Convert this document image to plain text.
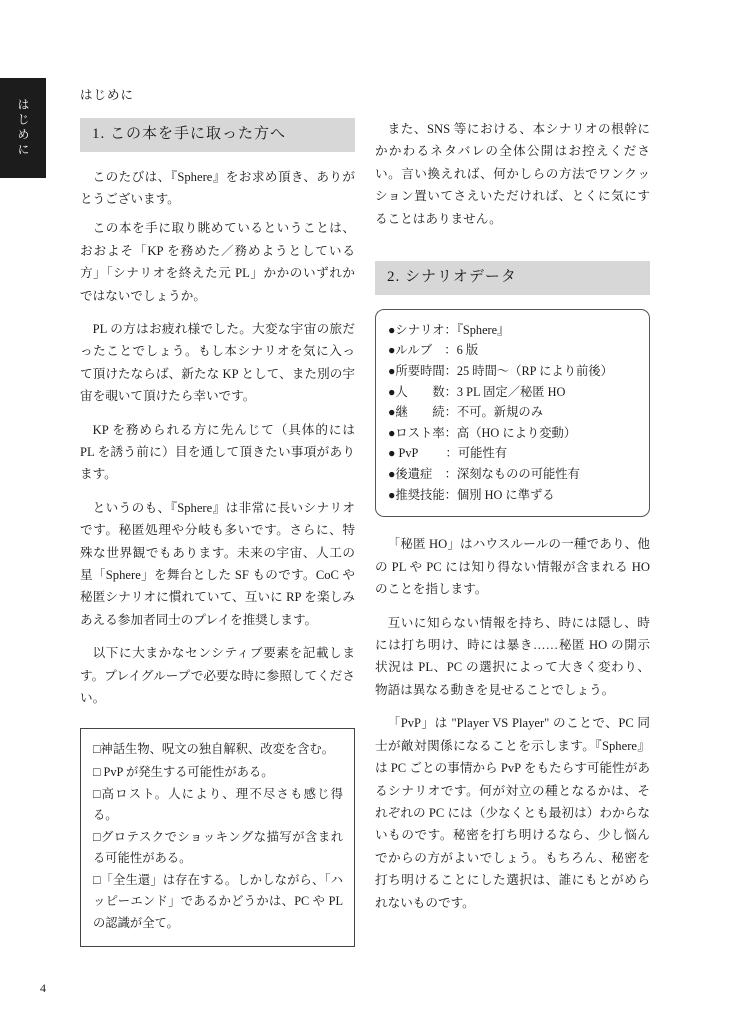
はじめに
はじめに
1. この本を手に取った方へ

このたびは、『Sphere』をお求め頂き、ありがとうございます。

この本を手に取り眺めているということは、おおよそ「KP を務めた／務めようとしている方」「シナリオを終えた元 PL」かかのいずれかではないでしょうか。

PL の方はお疲れ様でした。大変な宇宙の旅だったことでしょう。もし本シナリオを気に入って頂けたならば、新たな KP として、また別の宇宙を覗いて頂けたら幸いです。

KP を務められる方に先んじて（具体的には PL を誘う前に）目を通して頂きたい事項があります。

というのも、『Sphere』は非常に長いシナリオです。秘匿処理や分岐も多いです。さらに、特殊な世界観でもあります。未来の宇宙、人工の星「Sphere」を舞台とした SF ものです。CoC や秘匿シナリオに慣れていて、互いに RP を楽しみあえる参加者同士のプレイを推奨します。

以下に大まかなセンシティブ要素を記載します。プレイグループで必要な時に参照してください。

□神話生物、呪文の独自解釈、改変を含む。

□ PvP が発生する可能性がある。

□高ロスト。人により、理不尽さも感じ得る。

□グロテスクでショッキングな描写が含まれる可能性がある。

□「全生還」は存在する。しかしながら、「ハッピーエンド」であるかどうかは、PC や PL の認識が全て。

また、SNS 等における、本シナリオの根幹にかかわるネタバレの全体公開はお控えください。言い換えれば、何かしらの方法でワンクッション置いてさえいただければ、とくに気にすることはありません。

2. シナリオデータ
●シナリオ：『Sphere』
●ルルブ　：6 版
●所要時間：25 時間〜（RP により前後）
●人　　数：3 PL 固定／秘匿 HO
●継　　続：不可。新規のみ
●ロスト率：高（HO により変動）
● PvP 　　：可能性有
●後遺症　：深刻なものの可能性有
●推奨技能：個別 HO に準ずる

「秘匿 HO」はハウスルールの一種であり、他の PL や PC には知り得ない情報が含まれる HO のことを指します。

互いに知らない情報を持ち、時には隠し、時には打ち明け、時には暴き……秘匿 HO の開示状況は PL、PC の選択によって大きく変わり、物語は異なる動きを見せることでしょう。

「PvP」は "Player VS Player" のことで、PC 同士が敵対関係になることを示します。『Sphere』は PC ごとの事情から PvP をもたらす可能性があるシナリオです。何が対立の種となるかは、それぞれの PC には（少なくとも最初は）わからないものです。秘密を打ち明けるなら、少し悩んでからの方がよいでしょう。もちろん、秘密を打ち明けることにした選択は、誰にもとがめられないものです。

4
